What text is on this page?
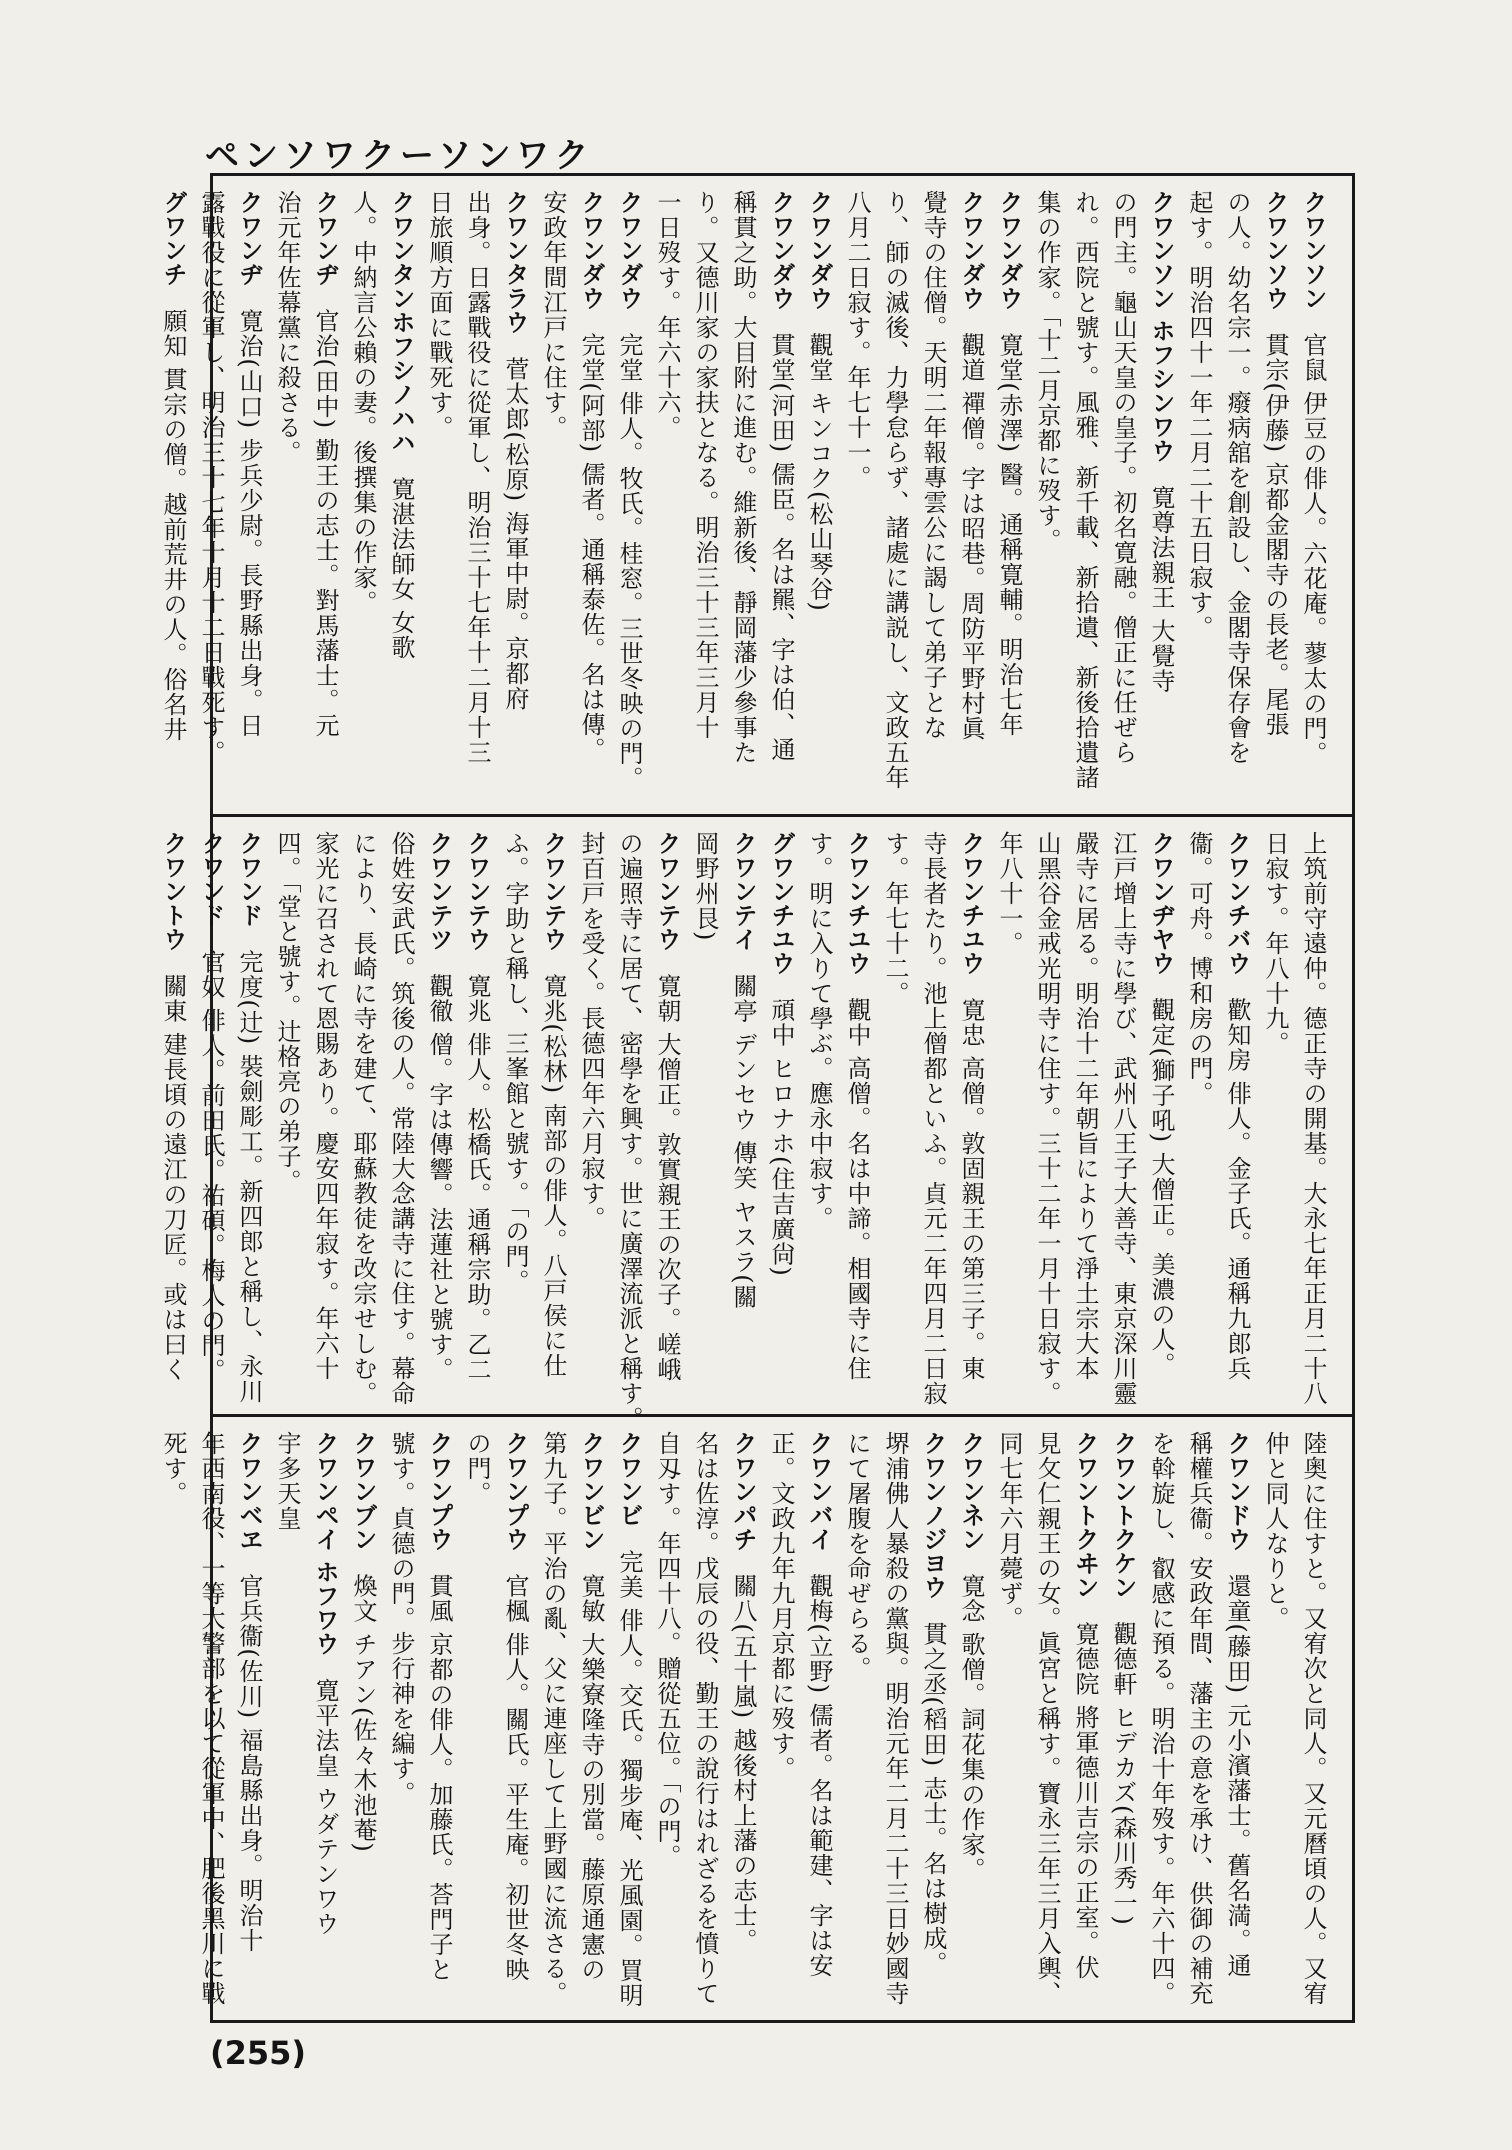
ペンソワクーソンワク
クワンソン 官鼠 伊豆の俳人。六花庵。蓼太の門。
クワンソウ 貫宗(伊藤) 京都金閣寺の長老。尾張
の人。幼名宗一。癈病舘を創設し、金閣寺保存會を
起す。明治四十一年二月二十五日寂す。
クワンソン ホフシンワウ 寛尊法親王 大覺寺
の門主。龜山天皇の皇子。初名寛融。僧正に任ぜら
れ。西院と號す。風雅、新千載、新拾遺、新後拾遺諸
集の作家。「十二月京都に歿す。
クワンダウ 寛堂(赤澤) 醫。通稱寛輔。明治七年
クワンダウ 觀道 禪僧。字は昭巷。周防平野村眞
覺寺の住僧。天明二年報專雲公に謁して弟子とな
り、師の滅後、力學怠らず、諸處に講説し、文政五年
八月二日寂す。年七十一。
クワンダウ 觀堂 キンコク(松山琴谷)
クワンダウ 貫堂(河田) 儒臣。名は羆、字は伯、通
稱貫之助。大目附に進む。維新後、靜岡藩少參事た
り。又德川家の家扶となる。明治三十三年三月十
一日歿す。年六十六。
クワンダウ 完堂 俳人。牧氏。桂窓。三世冬映の門。
クワンダウ 完堂(阿部) 儒者。通稱泰佐。名は傳。
安政年間江戸に住す。
クワンタラウ 菅太郎(松原) 海軍中尉。京都府
出身。日露戰役に從軍し、明治三十七年十二月十三
日旅順方面に戰死す。
クワンタンホフシノハハ 寛湛法師女 女歌
人。中納言公賴の妻。後撰集の作家。
クワンヂ 官治(田中) 勤王の志士。對馬藩士。元
治元年佐幕黨に殺さる。
クワンヂ 寛治(山口) 步兵少尉。長野縣出身。日
露戰役に從軍し、明治三十七年十月十二日戰死す。
グワンチ 願知 貫宗の僧。越前荒井の人。俗名井
上筑前守遠仲。德正寺の開基。大永七年正月二十八
日寂す。年八十九。
クワンチバウ 歡知房 俳人。金子氏。通稱九郎兵
衞。可舟。博和房の門。
クワンヂヤウ 觀定(獅子吼) 大僧正。美濃の人。
江戸增上寺に學び、武州八王子大善寺、東京深川靈
嚴寺に居る。明治十二年朝旨によりて淨土宗大本
山黑谷金戒光明寺に住す。三十二年一月十日寂す。
年八十一。
クワンチユウ 寛忠 高僧。敦固親王の第三子。東
寺長者たり。池上僧都といふ。貞元二年四月二日寂
す。年七十二。
クワンチユウ 觀中 高僧。名は中諦。相國寺に住
す。明に入りて學ぶ。應永中寂す。
グワンチユウ 頑中 ヒロナホ(住吉廣尙)
クワンテイ 關亭 デンセウ 傳笑 ヤスラ(關
岡野州艮)
クワンテウ 寛朝 大僧正。敦實親王の次子。嵯峨
の遍照寺に居て、密學を興す。世に廣澤流派と稱す。
封百戸を受く。長德四年六月寂す。
クワンテウ 寛兆(松林) 南部の俳人。八戸侯に仕
ふ。字助と稱し、三峯館と號す。「の門。
クワンテウ 寛兆 俳人。松橋氏。通稱宗助。乙二
クワンテツ 觀徹 僧。字は傳響。法蓮社と號す。
俗姓安武氏。筑後の人。常陸大念講寺に住す。幕命
により、長崎に寺を建て、耶蘇教徒を改宗せしむ。
家光に召されて恩賜あり。慶安四年寂す。年六十
四。「堂と號す。辻格亮の弟子。
クワンド 完度(辻) 裝劍彫工。新四郎と稱し、永川
クワンド 官奴 俳人。前田氏。祐碩。梅人の門。
クワントウ 關東 建長頃の遠江の刀匠。或は曰く
陸奥に住すと。又宥次と同人。又元曆頃の人。又宥
仲と同人なりと。
クワンドウ 還童(藤田) 元小濱藩士。舊名満。通
稱權兵衞。安政年間、藩主の意を承け、供御の補充
を斡旋し、叡感に預る。明治十年歿す。年六十四。
クワントクケン 觀德軒 ヒデカズ(森川秀一)
クワントクヰン 寛德院 將軍德川吉宗の正室。伏
見攵仁親王の女。眞宮と稱す。寶永三年三月入輿、
同七年六月薨ず。
クワンネン 寛念 歌僧。詞花集の作家。
クワンノジヨウ 貫之丞(稻田) 志士。名は樹成。
堺浦佛人暴殺の黨與。明治元年二月二十三日妙國寺
にて屠腹を命ぜらる。
クワンバイ 觀梅(立野) 儒者。名は範建、字は安
正。文政九年九月京都に歿す。
クワンパチ 關八(五十嵐) 越後村上藩の志士。
名は佐淳。戊辰の役、勤王の說行はれざるを憤りて
自刄す。年四十八。贈從五位。「の門。
クワンビ 完美 俳人。交氏。獨步庵、光風園。買明
クワンビン 寛敏 大樂寮隆寺の別當。藤原通憲の
第九子。平治の亂、父に連座して上野國に流さる。
クワンプウ 官楓 俳人。關氏。平生庵。初世冬映
の門。
クワンプウ 貫風 京都の俳人。加藤氏。荅門子と
號す。貞德の門。步行神を編す。
クワンブン 煥文 チアン(佐々木池菴)
クワンペイ ホフワウ 寛平法皇 ウダテンワウ
宇多天皇
クワンベヱ 官兵衞(佐川) 福島縣出身。明治十
年西南役、一等大警部を以て從軍中、肥後黑川に戰
死す。
(255)
